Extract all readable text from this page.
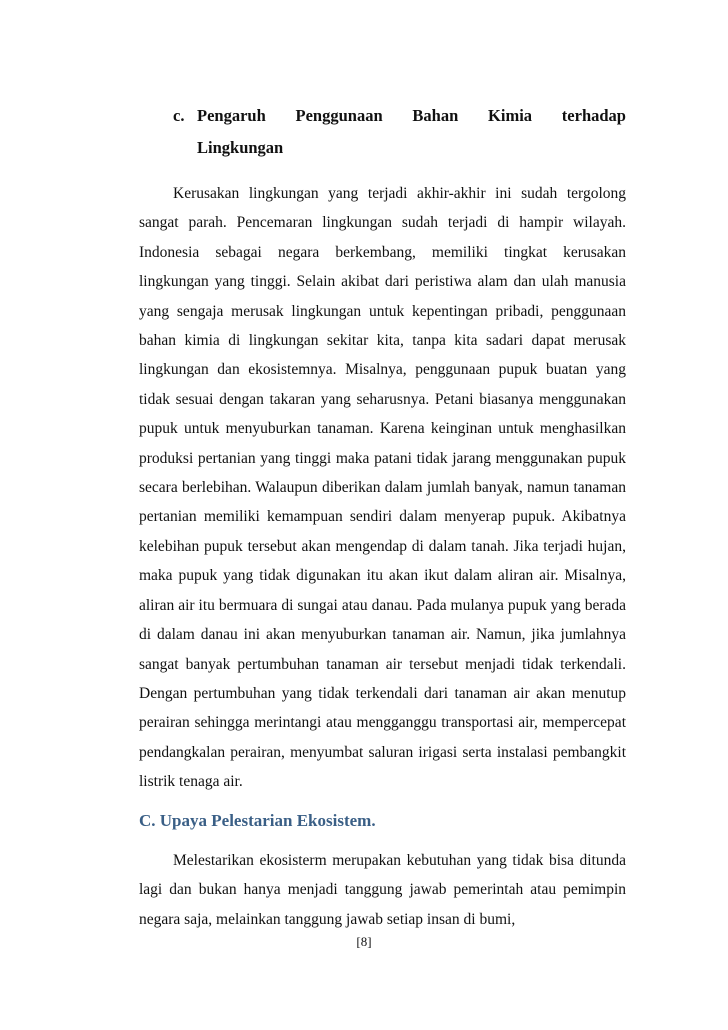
c. Pengaruh Penggunaan Bahan Kimia terhadap
Lingkungan

Kerusakan lingkungan yang terjadi akhir-akhir ini sudah tergolong sangat parah. Pencemaran lingkungan sudah terjadi di hampir wilayah. Indonesia sebagai negara berkembang, memiliki tingkat kerusakan lingkungan yang tinggi. Selain akibat dari peristiwa alam dan ulah manusia yang sengaja merusak lingkungan untuk kepentingan pribadi, penggunaan bahan kimia di lingkungan sekitar kita, tanpa kita sadari dapat merusak lingkungan dan ekosistemnya. Misalnya, penggunaan pupuk buatan yang tidak sesuai dengan takaran yang seharusnya. Petani biasanya menggunakan pupuk untuk menyuburkan tanaman. Karena keinginan untuk menghasilkan produksi pertanian yang tinggi maka patani tidak jarang menggunakan pupuk secara berlebihan. Walaupun diberikan dalam jumlah banyak, namun tanaman pertanian memiliki kemampuan sendiri dalam menyerap pupuk. Akibatnya kelebihan pupuk tersebut akan mengendap di dalam tanah. Jika terjadi hujan, maka pupuk yang tidak digunakan itu akan ikut dalam aliran air. Misalnya, aliran air itu bermuara di sungai atau danau. Pada mulanya pupuk yang berada di dalam danau ini akan menyuburkan tanaman air. Namun, jika jumlahnya sangat banyak pertumbuhan tanaman air tersebut menjadi tidak terkendali. Dengan pertumbuhan yang tidak terkendali dari tanaman air akan menutup perairan sehingga merintangi atau mengganggu transportasi air, mempercepat pendangkalan perairan, menyumbat saluran irigasi serta instalasi pembangkit listrik tenaga air.

C. Upaya Pelestarian Ekosistem.

Melestarikan ekosisterm merupakan kebutuhan yang tidak bisa ditunda lagi dan bukan hanya menjadi tanggung jawab pemerintah atau pemimpin negara saja, melainkan tanggung jawab setiap insan di bumi,

[8]
